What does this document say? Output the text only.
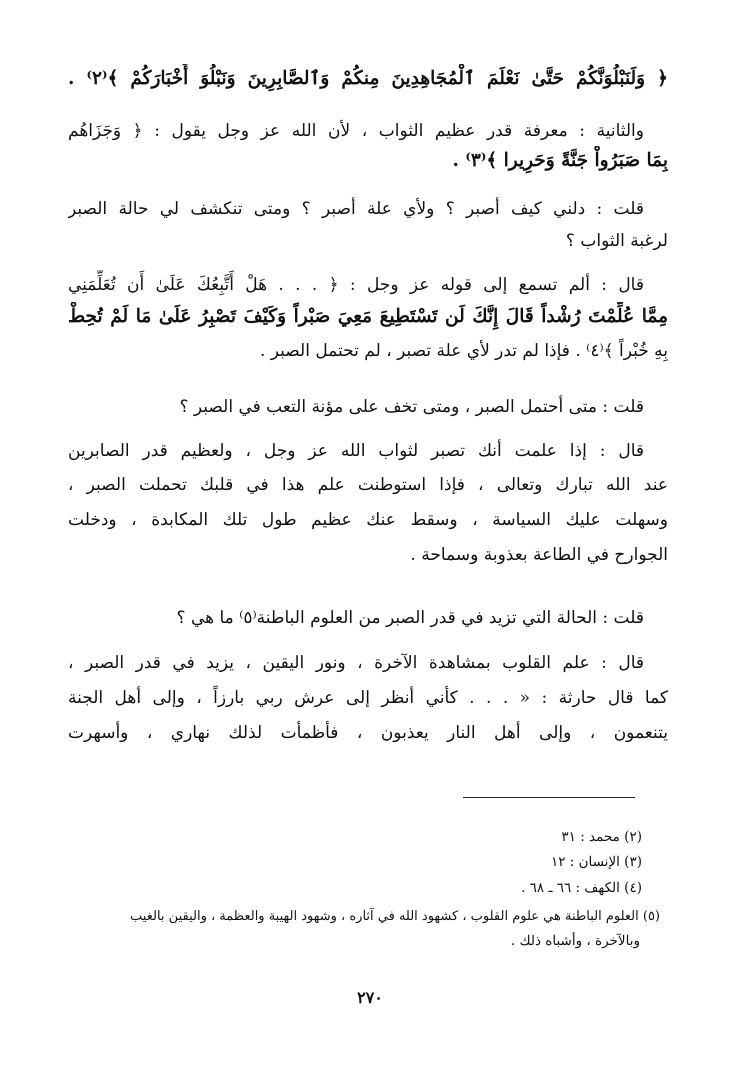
﴿ وَلَنَبْلُوَنَّكُمْ حَتَّىٰ نَعْلَمَ ٱلْمُجَاهِدِينَ مِنكُمْ وَٱلصَّابِرِينَ وَنَبْلُوَ أَخْبَارَكُمْ ﴾⁽٢⁾ .
والثانية : معرفة قدر عظيم الثواب ، لأن الله عز وجل يقول : ﴿ وَجَزَاهُم
بِمَا صَبَرُواْ جَنَّةً وَحَرِيرا ﴾⁽٣⁾ .
قلت : دلني كيف أصبر ؟ ولأي علة أصبر ؟ ومتى تنكشف لي حالة الصبر
لرغبة الثواب ؟
قال : ألم تسمع إلى قوله عز وجل : ﴿ . . . هَلْ أَتَّبِعُكَ عَلَىٰ أَن تُعَلِّمَنِي
مِمَّا عُلِّمْتَ رُشْداً قَالَ إِنَّكَ لَن تَسْتَطِيعَ مَعِيَ صَبْراً وَكَيْفَ تَصْبِرُ عَلَىٰ مَا لَمْ تُحِطْ
بِهِ خُبْراً ﴾⁽٤⁾ . فإذا لم تدر لأي علة تصبر ، لم تحتمل الصبر .
قلت : متى أحتمل الصبر ، ومتى تخف على مؤنة التعب في الصبر ؟
قال : إذا علمت أنك تصبر لثواب الله عز وجل ، ولعظيم قدر الصابرين
عند الله تبارك وتعالى ، فإذا استوطنت علم هذا في قلبك تحملت الصبر ،
وسهلت عليك السياسة ، وسقط عنك عظيم طول تلك المكابدة ، ودخلت
الجوارح في الطاعة بعذوبة وسماحة .
قلت : الحالة التي تزيد في قدر الصبر من العلوم الباطنة⁽٥⁾ ما هي ؟
قال : علم القلوب بمشاهدة الآخرة ، ونور اليقين ، يزيد في قدر الصبر ،
كما قال حارثة : « . . . كأني أنظر إلى عرش ربي بارزاً ، وإلى أهل الجنة
يتنعمون ، وإلى أهل النار يعذبون ، فأظمأت لذلك نهاري ، وأسهرت
(٢) محمد : ٣١
(٣) الإنسان : ١٢
(٤) الكهف : ٦٦ ـ ٦٨ .
(٥) العلوم الباطنة هي علوم القلوب ، كشهود الله في آثاره ، وشهود الهيبة والعظمة ، واليقين بالغيب
وبالآخرة ، وأشباه ذلك .
٢٧٠
